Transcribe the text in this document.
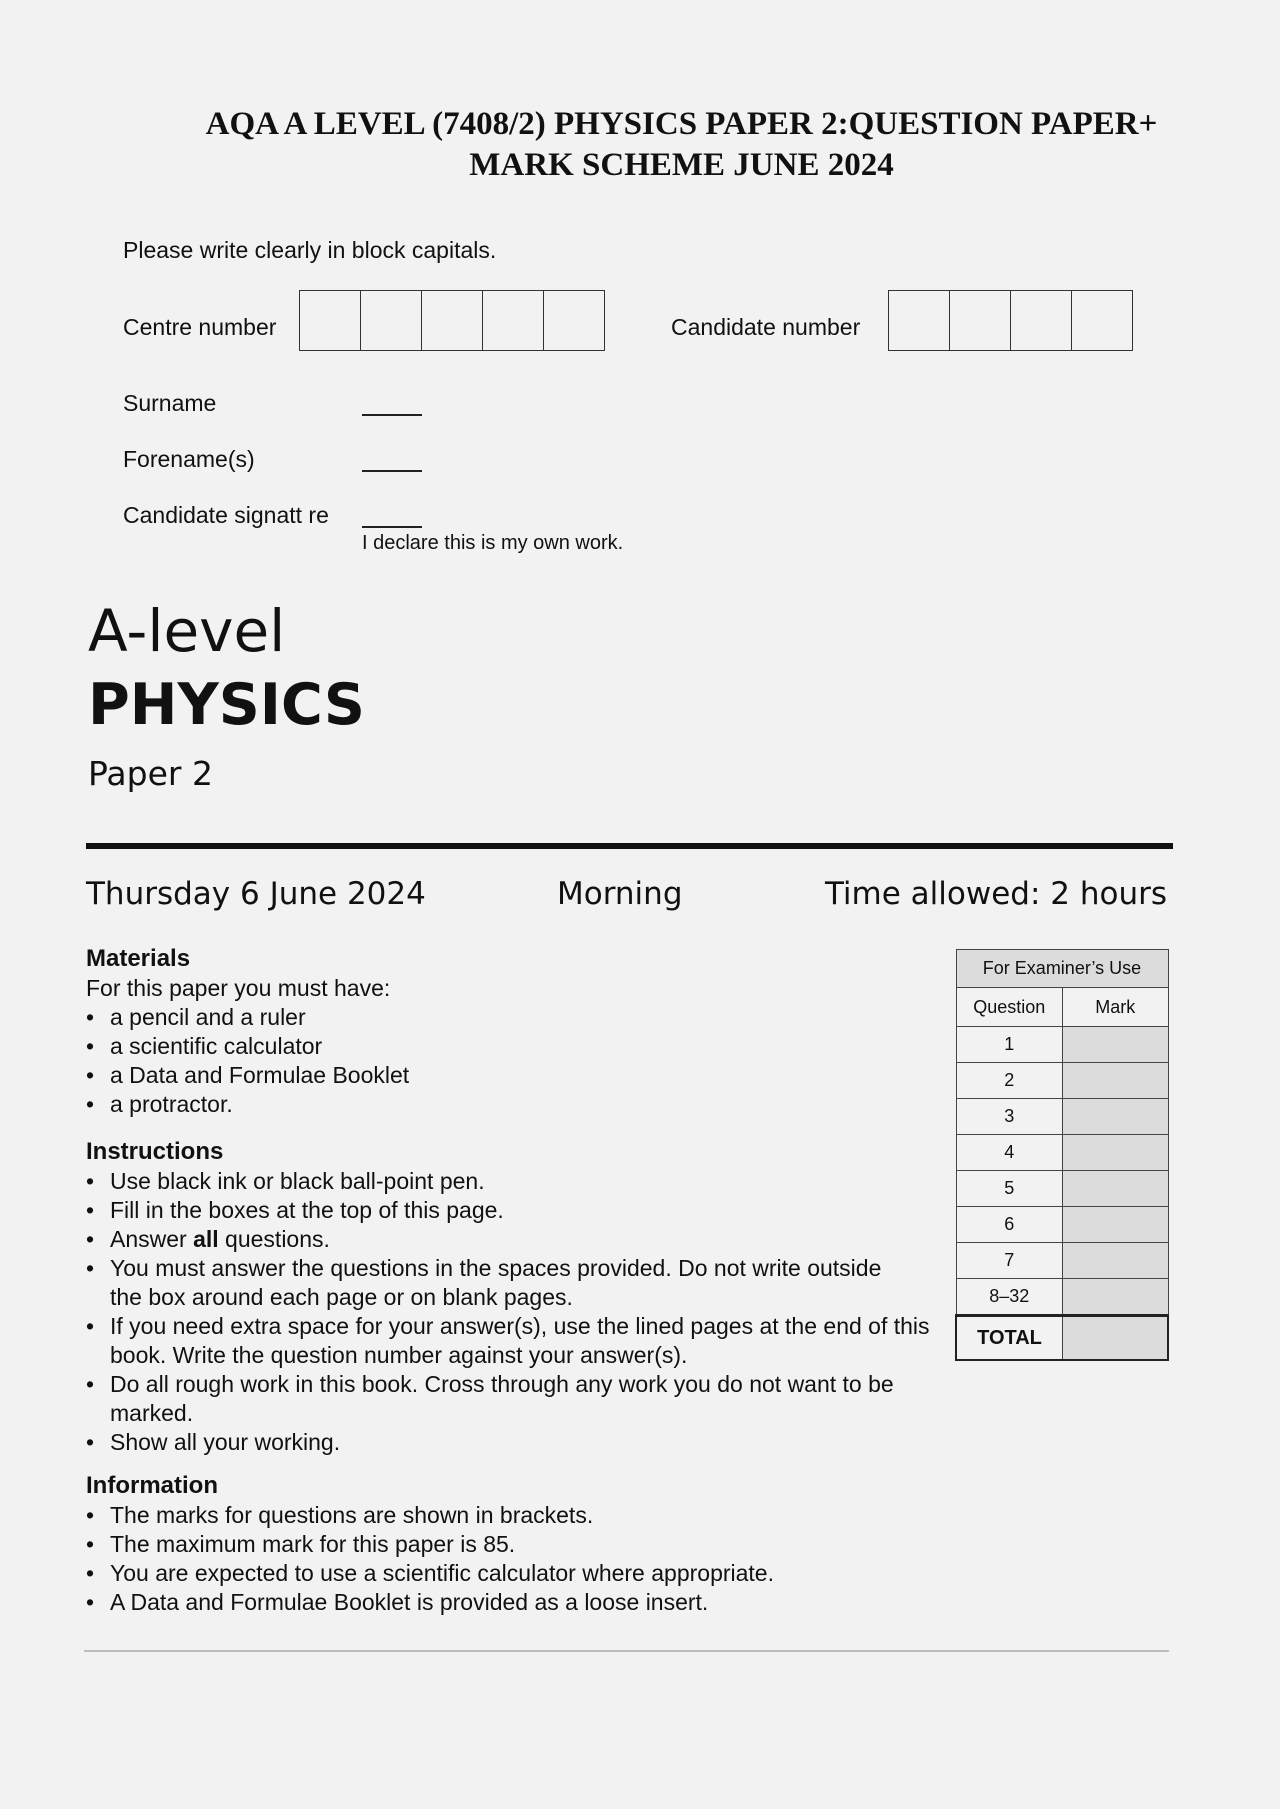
AQA A LEVEL (7408/2) PHYSICS PAPER 2:QUESTION PAPER+
MARK SCHEME JUNE 2024
Please write clearly in block capitals.
Centre number	Candidate number
Surname
Forename(s)
Candidate signatt re
I declare this is my own work.
A-level
PHYSICS
Paper 2
Thursday 6 June 2024	Morning	Time allowed: 2 hours
Materials
For this paper you must have:
• a pencil and a ruler
• a scientific calculator
• a Data and Formulae Booklet
• a protractor.
Instructions
• Use black ink or black ball-point pen.
• Fill in the boxes at the top of this page.
• Answer all questions.
• You must answer the questions in the spaces provided. Do not write outside the box around each page or on blank pages.
• If you need extra space for your answer(s), use the lined pages at the end of this book. Write the question number against your answer(s).
• Do all rough work in this book. Cross through any work you do not want to be marked.
• Show all your working.
Information
• The marks for questions are shown in brackets.
• The maximum mark for this paper is 85.
• You are expected to use a scientific calculator where appropriate.
• A Data and Formulae Booklet is provided as a loose insert.
For Examiner’s Use	
Question	Mark
1	
2	
3	
4	
5	
6	
7	
8–32	
TOTAL	
